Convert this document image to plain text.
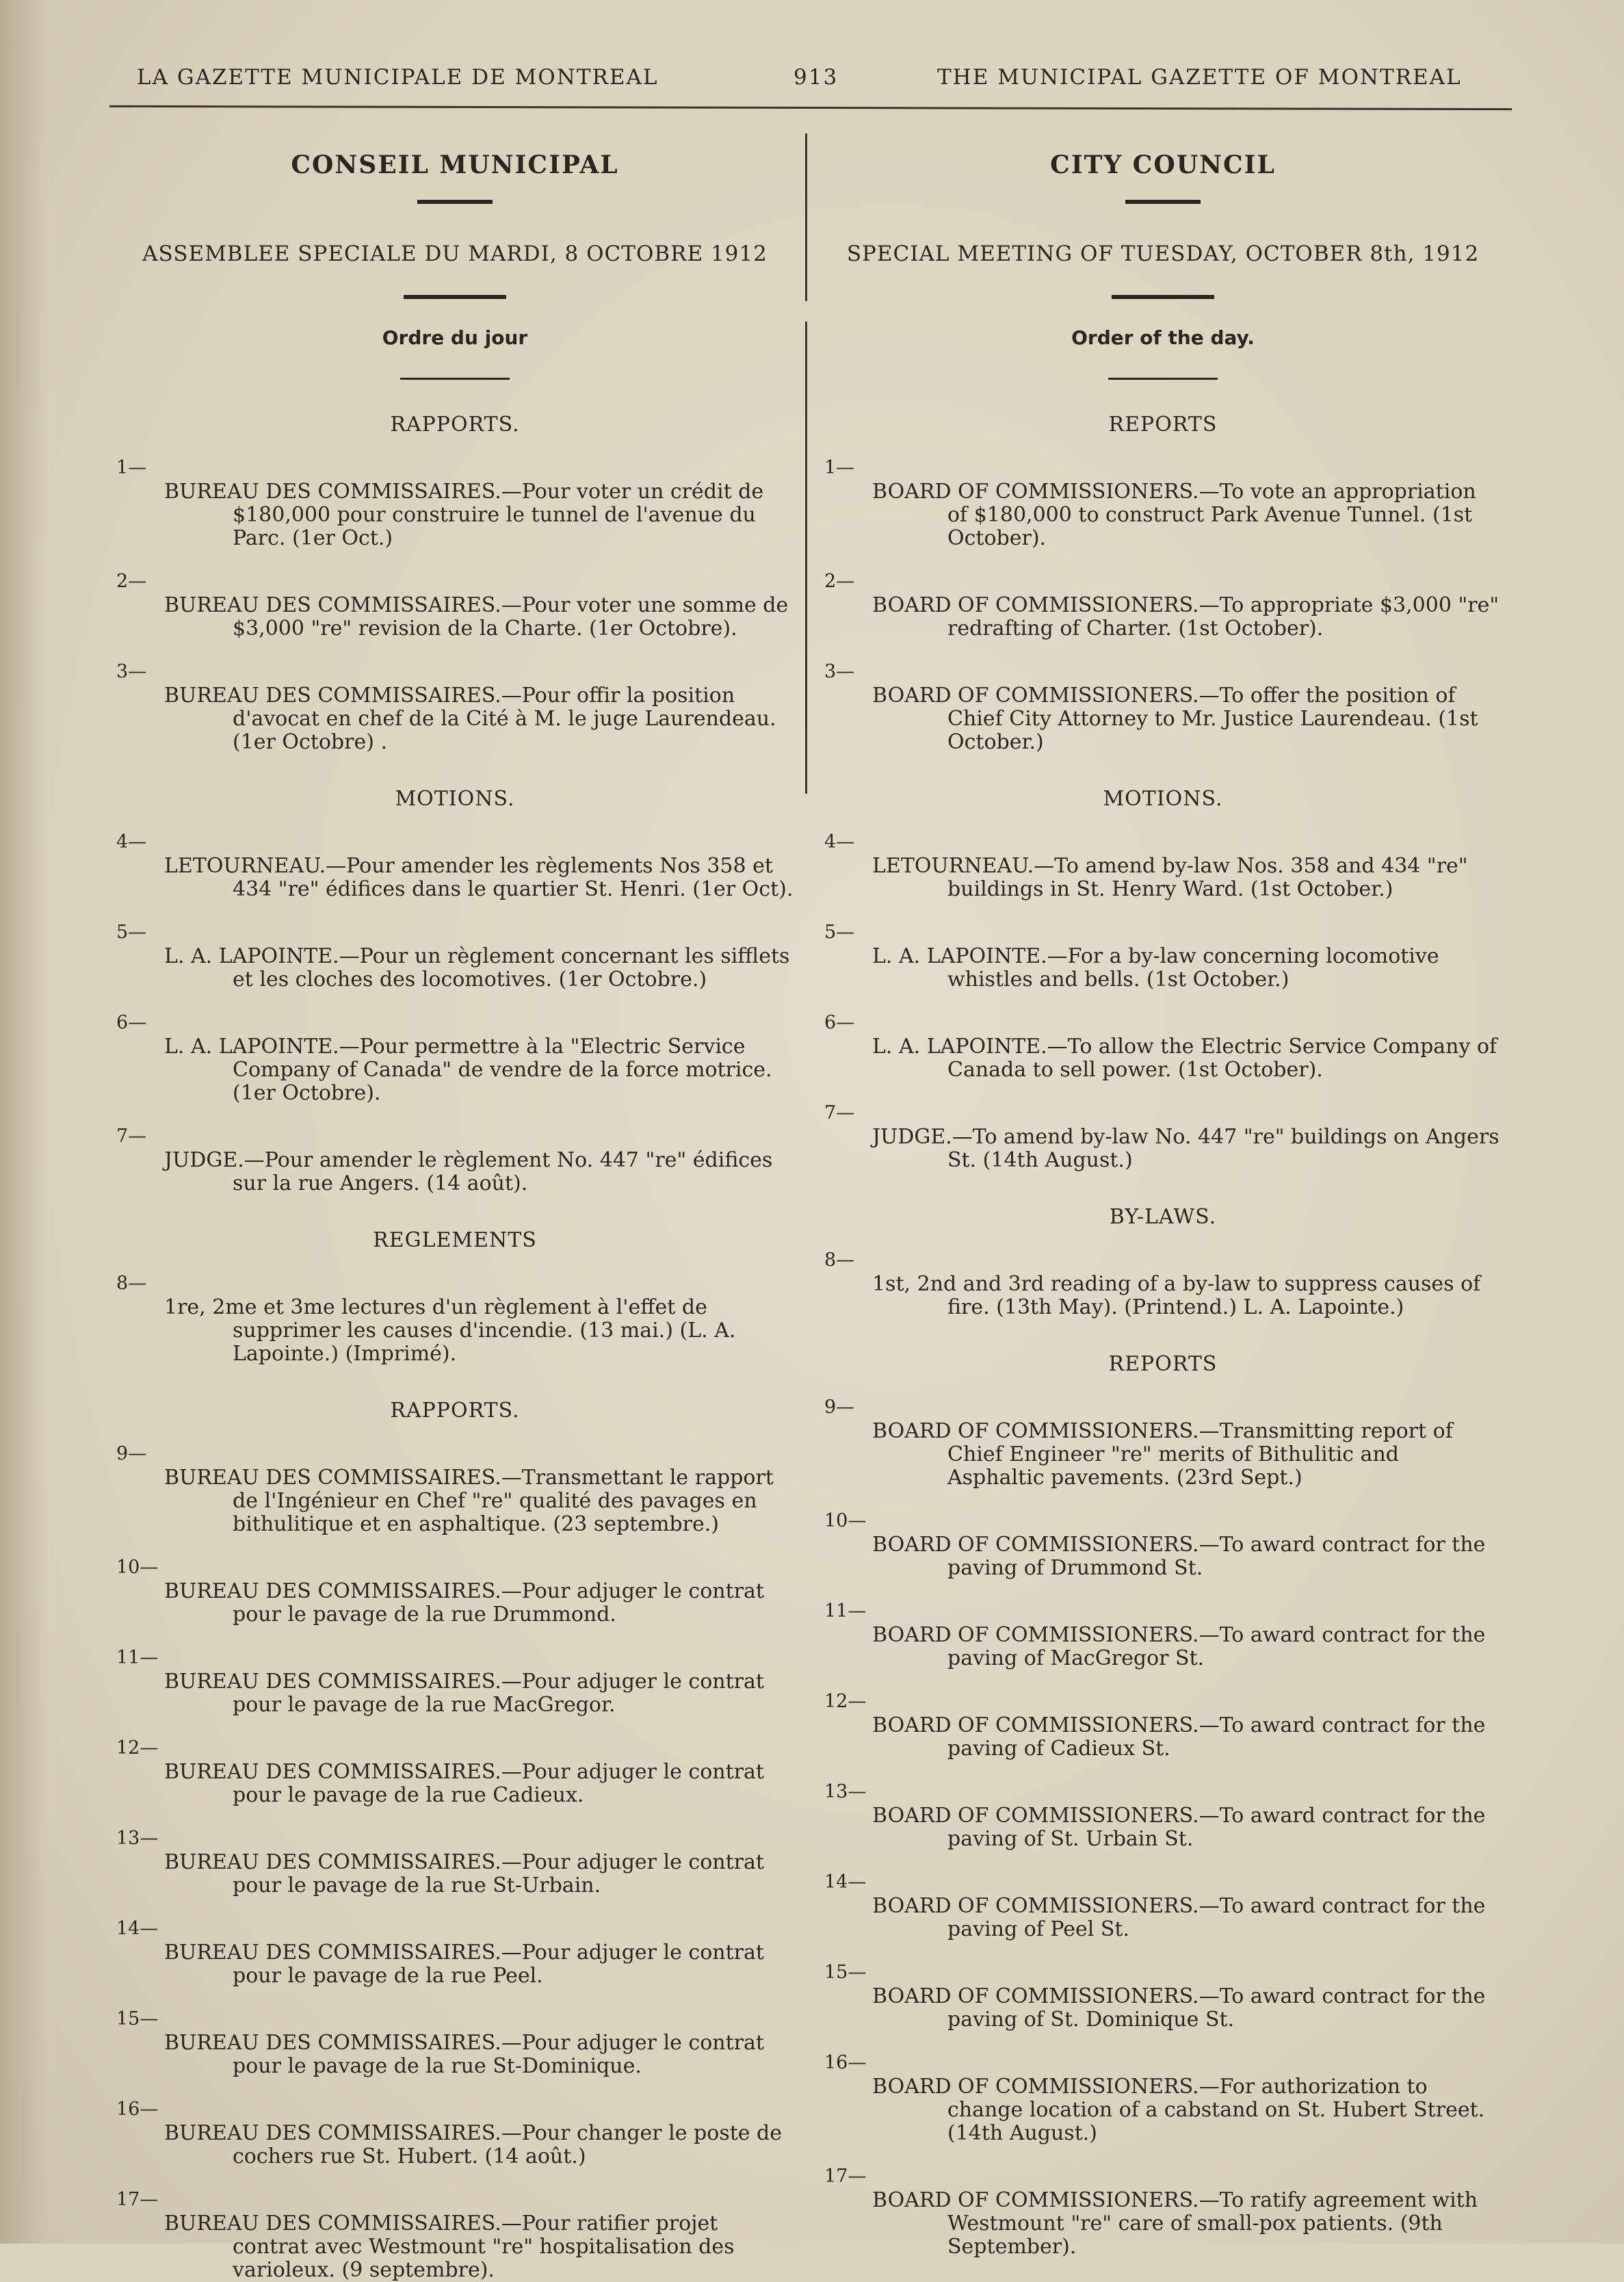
LA GAZETTE MUNICIPALE DE MONTREAL	913	THE MUNICIPAL GAZETTE OF MONTREAL
CONSEIL MUNICIPAL
ASSEMBLEE SPECIALE DU MARDI, 8 OCTOBRE 1912
Ordre du jour
RAPPORTS.
1—
BUREAU DES COMMISSAIRES.—Pour voter un crédit de $180,000 pour construire le tunnel de l'avenue du Parc. (1er Oct.)
2—
BUREAU DES COMMISSAIRES.—Pour voter une somme de $3,000 "re" revision de la Charte. (1er Octobre).
3—
BUREAU DES COMMISSAIRES.—Pour offir la position d'avocat en chef de la Cité à M. le juge Laurendeau. (1er Octobre) .
MOTIONS.
4—
LETOURNEAU.—Pour amender les règlements Nos 358 et 434 "re" édifices dans le quartier St. Henri. (1er Oct).
5—
L. A. LAPOINTE.—Pour un règlement concernant les sifflets et les cloches des locomotives. (1er Octobre.)
6—
L. A. LAPOINTE.—Pour permettre à la "Electric Service Company of Canada" de vendre de la force motrice. (1er Octobre).
7—
JUDGE.—Pour amender le règlement No. 447 "re" édifices sur la rue Angers. (14 août).
REGLEMENTS
8—
1re, 2me et 3me lectures d'un règlement à l'effet de supprimer les causes d'incendie. (13 mai.) (L. A. Lapointe.) (Imprimé).
RAPPORTS.
9—
BUREAU DES COMMISSAIRES.—Transmettant le rapport de l'Ingénieur en Chef "re" qualité des pavages en bithulitique et en asphaltique. (23 septembre.)
10—
BUREAU DES COMMISSAIRES.—Pour adjuger le contrat pour le pavage de la rue Drummond.
11—
BUREAU DES COMMISSAIRES.—Pour adjuger le contrat pour le pavage de la rue MacGregor.
12—
BUREAU DES COMMISSAIRES.—Pour adjuger le contrat pour le pavage de la rue Cadieux.
13—
BUREAU DES COMMISSAIRES.—Pour adjuger le contrat pour le pavage de la rue St-Urbain.
14—
BUREAU DES COMMISSAIRES.—Pour adjuger le contrat pour le pavage de la rue Peel.
15—
BUREAU DES COMMISSAIRES.—Pour adjuger le contrat pour le pavage de la rue St-Dominique.
16—
BUREAU DES COMMISSAIRES.—Pour changer le poste de cochers rue St. Hubert. (14 août.)
17—
BUREAU DES COMMISSAIRES.—Pour ratifier projet contrat avec Westmount "re" hospitalisation des varioleux. (9 septembre).
CITY COUNCIL
SPECIAL MEETING OF TUESDAY, OCTOBER 8th, 1912
Order of the day.
REPORTS
1—
BOARD OF COMMISSIONERS.—To vote an appropriation of $180,000 to construct Park Avenue Tunnel. (1st October).
2—
BOARD OF COMMISSIONERS.—To appropriate $3,000 "re" redrafting of Charter. (1st October).
3—
BOARD OF COMMISSIONERS.—To offer the position of Chief City Attorney to Mr. Justice Laurendeau. (1st October.)
MOTIONS.
4—
LETOURNEAU.—To amend by-law Nos. 358 and 434 "re" buildings in St. Henry Ward. (1st October.)
5—
L. A. LAPOINTE.—For a by-law concerning locomotive whistles and bells. (1st October.)
6—
L. A. LAPOINTE.—To allow the Electric Service Company of Canada to sell power. (1st October).
7—
JUDGE.—To amend by-law No. 447 "re" buildings on Angers St. (14th August.)
BY-LAWS.
8—
1st, 2nd and 3rd reading of a by-law to suppress causes of fire. (13th May). (Printend.) L. A. Lapointe.)
REPORTS
9—
BOARD OF COMMISSIONERS.—Transmitting report of Chief Engineer "re" merits of Bithulitic and Asphaltic pavements. (23rd Sept.)
10—
BOARD OF COMMISSIONERS.—To award contract for the paving of Drummond St.
11—
BOARD OF COMMISSIONERS.—To award contract for the paving of MacGregor St.
12—
BOARD OF COMMISSIONERS.—To award contract for the paving of Cadieux St.
13—
BOARD OF COMMISSIONERS.—To award contract for the paving of St. Urbain St.
14—
BOARD OF COMMISSIONERS.—To award contract for the paving of Peel St.
15—
BOARD OF COMMISSIONERS.—To award contract for the paving of St. Dominique St.
16—
BOARD OF COMMISSIONERS.—For authorization to change location of a cabstand on St. Hubert Street. (14th August.)
17—
BOARD OF COMMISSIONERS.—To ratify agreement with Westmount "re" care of small-pox patients. (9th September).
